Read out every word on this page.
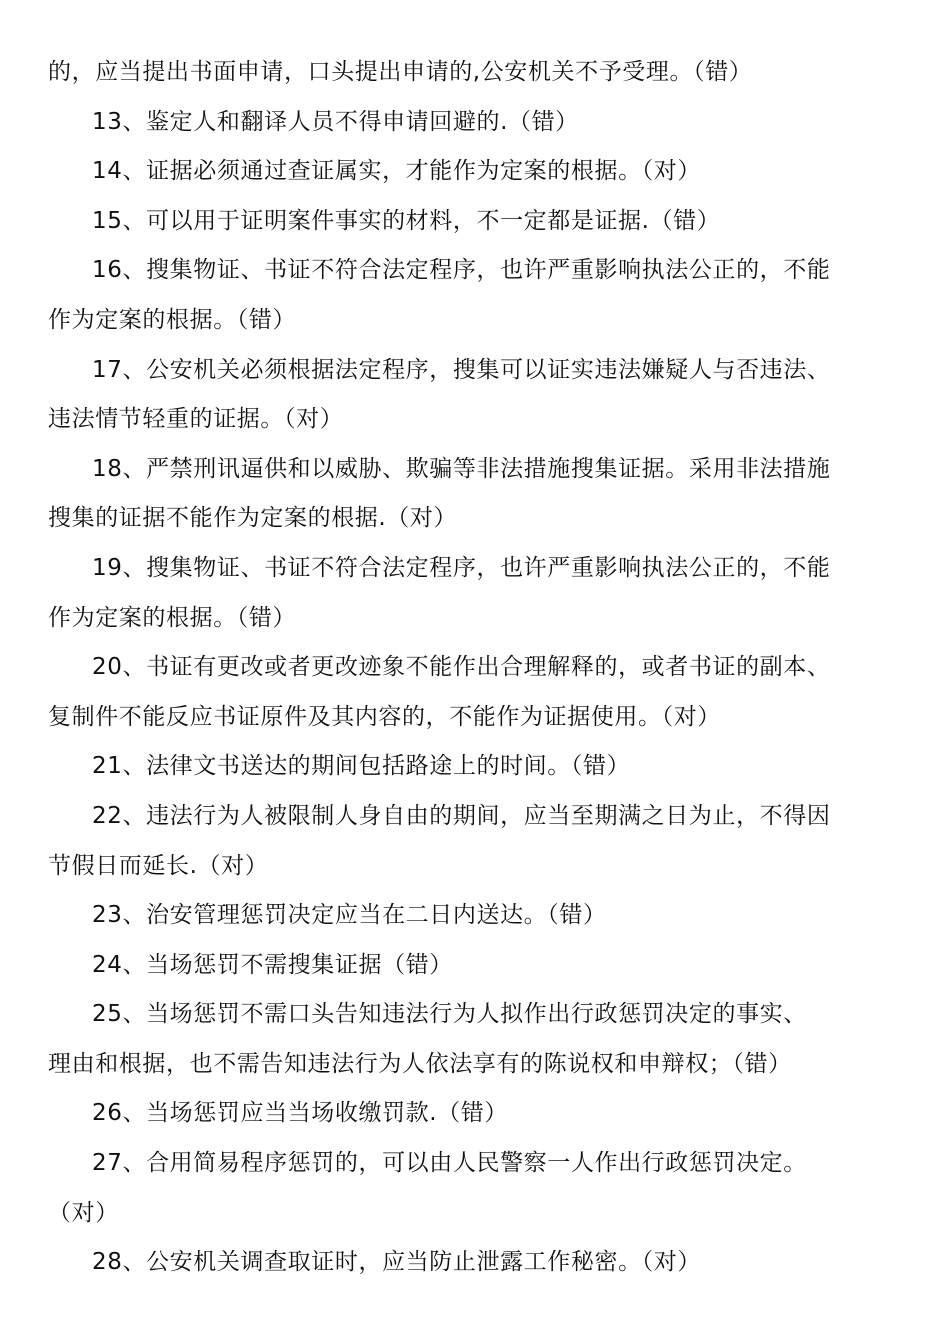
的，应当提出书面申请，口头提出申请的,公安机关不予受理。（错）
13、鉴定人和翻译人员不得申请回避的.（错）
14、证据必须通过查证属实，才能作为定案的根据。（对）
15、可以用于证明案件事实的材料，不一定都是证据.（错）
16、搜集物证、书证不符合法定程序，也许严重影响执法公正的，不能
作为定案的根据。（错）
17、公安机关必须根据法定程序，搜集可以证实违法嫌疑人与否违法、
违法情节轻重的证据。（对）
18、严禁刑讯逼供和以威胁、欺骗等非法措施搜集证据。采用非法措施
搜集的证据不能作为定案的根据.（对）
19、搜集物证、书证不符合法定程序，也许严重影响执法公正的，不能
作为定案的根据。（错）
20、书证有更改或者更改迹象不能作出合理解释的，或者书证的副本、
复制件不能反应书证原件及其内容的，不能作为证据使用。（对）
21、法律文书送达的期间包括路途上的时间。（错）
22、违法行为人被限制人身自由的期间，应当至期满之日为止，不得因
节假日而延长.（对）
23、治安管理惩罚决定应当在二日内送达。（错）
24、当场惩罚不需搜集证据（错）
25、当场惩罚不需口头告知违法行为人拟作出行政惩罚决定的事实、
理由和根据，也不需告知违法行为人依法享有的陈说权和申辩权；（错）
26、当场惩罚应当当场收缴罚款.（错）
27、合用简易程序惩罚的，可以由人民警察一人作出行政惩罚决定。
（对）
28、公安机关调查取证时，应当防止泄露工作秘密。（对）
